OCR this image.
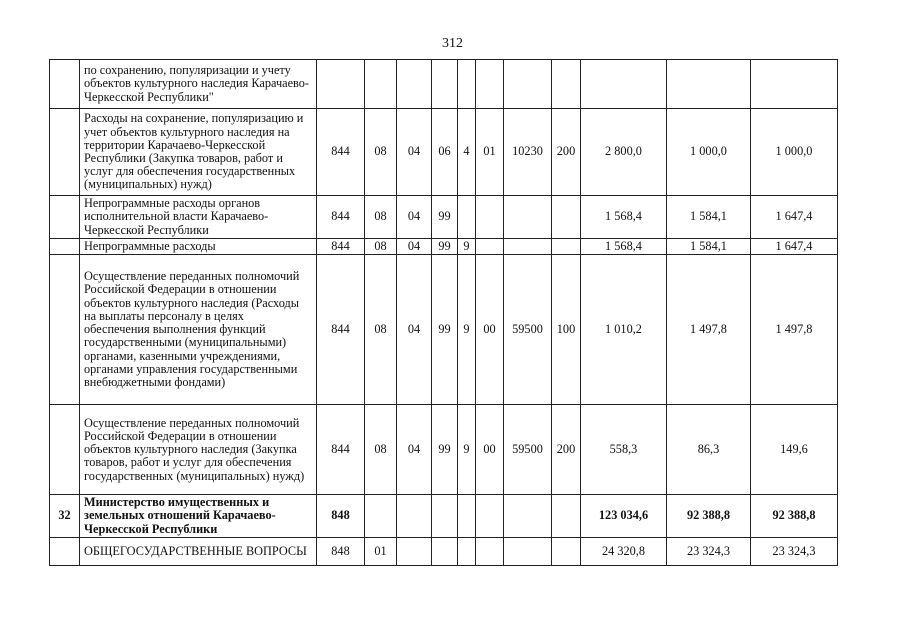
312
	по сохранению, популяризации и учету объектов культурного наследия Карачаево-Черкесской Республики"											
	Расходы на сохранение, популяризацию и учет объектов культурного наследия на территории Карачаево-Черкесской Республики (Закупка товаров, работ и услуг для обеспечения государственных (муниципальных) нужд)	844	08	04	06	4	01	10230	200	2 800,0	1 000,0	1 000,0
	Непрограммные расходы органов исполнительной власти Карачаево-Черкесской Республики	844	08	04	99					1 568,4	1 584,1	1 647,4
	Непрограммные расходы	844	08	04	99	9				1 568,4	1 584,1	1 647,4
	Осуществление переданных полномочий Российской Федерации в отношении объектов культурного наследия (Расходы на выплаты персоналу в целях обеспечения выполнения функций государственными (муниципальными) органами, казенными учреждениями, органами управления государственными внебюджетными фондами)	844	08	04	99	9	00	59500	100	1 010,2	1 497,8	1 497,8
	Осуществление переданных полномочий Российской Федерации в отношении объектов культурного наследия (Закупка товаров, работ и услуг для обеспечения государственных (муниципальных) нужд)	844	08	04	99	9	00	59500	200	558,3	86,3	149,6
32	Министерство имущественных и земельных отношений Карачаево-Черкесской Республики	848								123 034,6	92 388,8	92 388,8
	ОБЩЕГОСУДАРСТВЕННЫЕ ВОПРОСЫ	848	01							24 320,8	23 324,3	23 324,3
